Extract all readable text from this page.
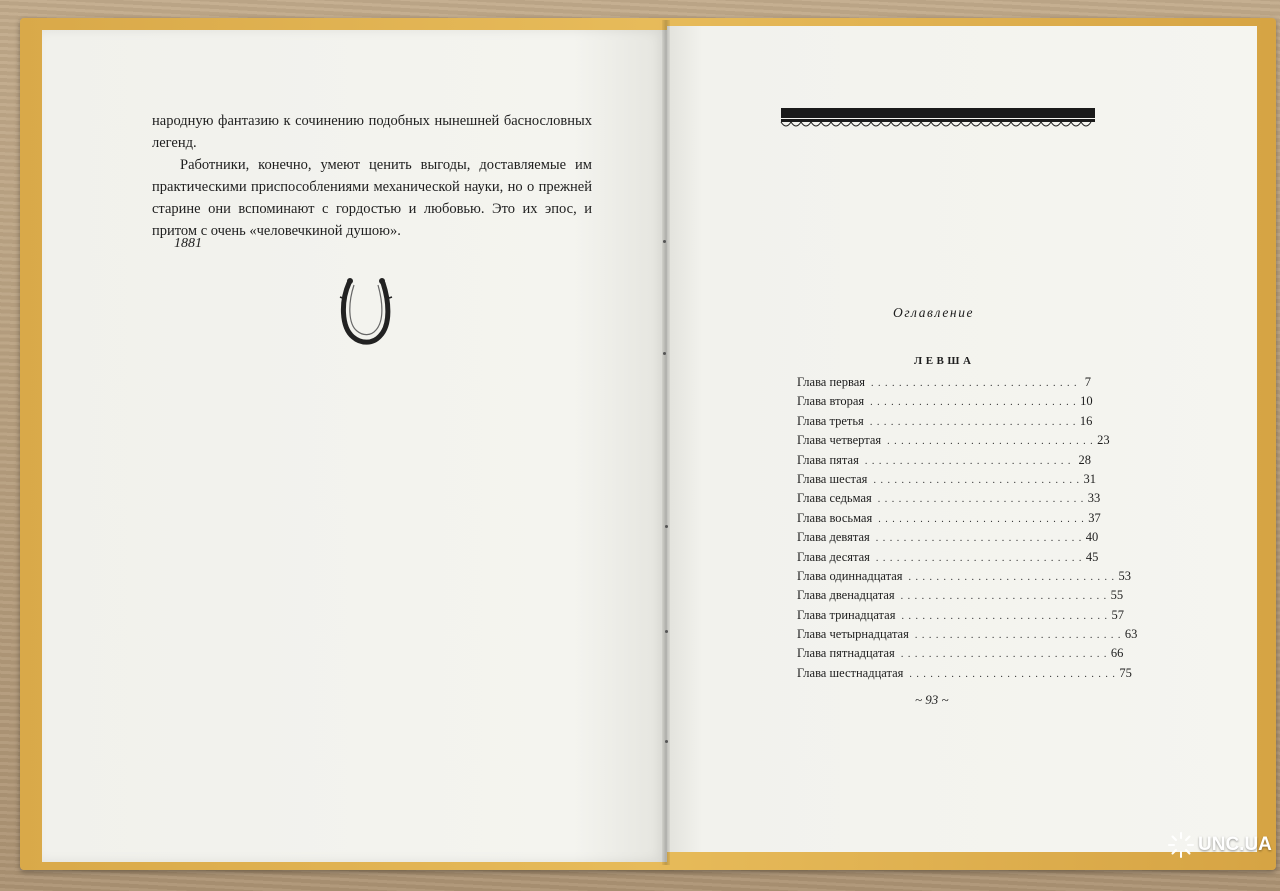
народную фантазию к сочинению подобных нынешней баснословных легенд.

Работники, конечно, умеют ценить выгоды, доставляемые им практическими приспособлениями механической науки, но о прежней старине они вспоминают с гордостью и любовью. Это их эпос, и притом с очень «человечкиной душою».

1881
Оглавление
ЛЕВША
Глава первая .............................. 7
Глава вторая .............................. 10
Глава третья .............................. 16
Глава четвертая .............................. 23
Глава пятая .............................. 28
Глава шестая .............................. 31
Глава седьмая .............................. 33
Глава восьмая .............................. 37
Глава девятая .............................. 40
Глава десятая .............................. 45
Глава одиннадцатая .............................. 53
Глава двенадцатая .............................. 55
Глава тринадцатая .............................. 57
Глава четырнадцатая .............................. 63
Глава пятнадцатая .............................. 66
Глава шестнадцатая .............................. 75
~ 93 ~
UNC.UA
